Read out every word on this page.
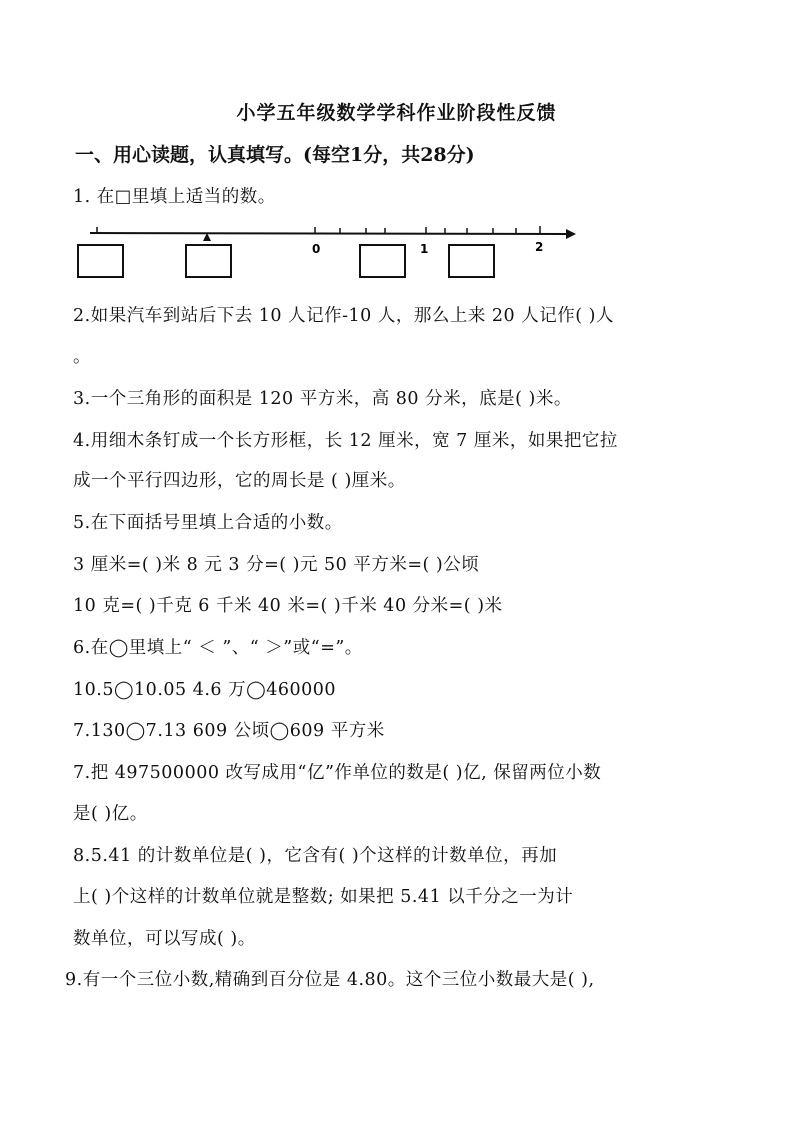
小学五年级数学学科作业阶段性反馈
一、用心读题，认真填写。(每空1分，共28分)
1. 在□里填上适当的数。
0	1	2
2.如果汽车到站后下去 10 人记作-10 人，那么上来 20 人记作( )人
。
3.一个三角形的面积是 120 平方米，高 80 分米，底是( )米。
4.用细木条钉成一个长方形框，长 12 厘米，宽 7 厘米，如果把它拉
成一个平行四边形，它的周长是 ( )厘米。
5.在下面括号里填上合适的小数。
3 厘米=( )米 8 元 3 分=( )元 50 平方米=( )公顷
10 克=( )千克 6 千米 40 米=( )千米 40 分米=( )米
6.在◯里填上“ ＜ ”、“ ＞”或“=”。
10.5◯10.05 4.6 万◯460000
7.130◯7.13 609 公顷◯609 平方米
7.把 497500000 改写成用“亿”作单位的数是( )亿, 保留两位小数
是( )亿。
8.5.41 的计数单位是( )，它含有( )个这样的计数单位，再加
上( )个这样的计数单位就是整数; 如果把 5.41 以千分之一为计
数单位，可以写成( )。
9.有一个三位小数,精确到百分位是 4.80。这个三位小数最大是( ),
